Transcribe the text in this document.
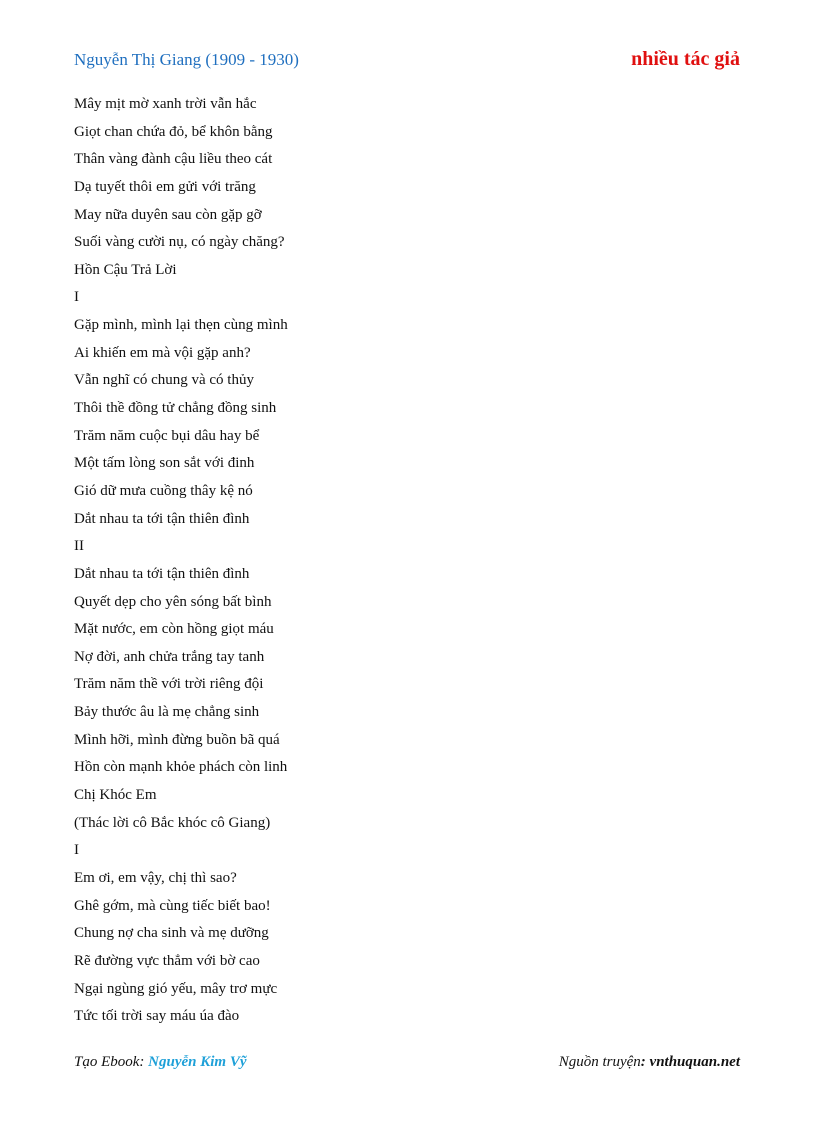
Nguyễn Thị Giang (1909 - 1930)	nhiều tác giả
Mây mịt mờ xanh trời vẫn hắc
Giọt chan chứa đỏ, bể khôn bằng
Thân vàng đành cậu liều theo cát
Dạ tuyết thôi em gửi với trăng
May nữa duyên sau còn gặp gỡ
Suối vàng cười nụ, có ngày chăng?
Hồn Cậu Trả Lời
I
Gặp mình, mình lại thẹn cùng mình
Ai khiến em mà vội gặp anh?
Vẫn nghĩ có chung và có thủy
Thôi thề đồng tử chẳng đồng sinh
Trăm năm cuộc bụi dâu hay bể
Một tấm lòng son sắt với đinh
Gió dữ mưa cuồng thây kệ nó
Dắt nhau ta tới tận thiên đình
II
Dắt nhau ta tới tận thiên đình
Quyết dẹp cho yên sóng bất bình
Mặt nước, em còn hồng giọt máu
Nợ đời, anh chửa trắng tay tanh
Trăm năm thề với trời riêng đội
Bảy thước âu là mẹ chẳng sinh
Mình hỡi, mình đừng buồn bã quá
Hồn còn mạnh khỏe phách còn linh
Chị Khóc Em
(Thác lời cô Bắc khóc cô Giang)
I
Em ơi, em vậy, chị thì sao?
Ghê gớm, mà cùng tiếc biết bao!
Chung nợ cha sinh và mẹ dưỡng
Rẽ đường vực thẳm với bờ cao
Ngại ngùng gió yếu, mây trơ mực
Tức tối trời say máu úa đào
Tạo Ebook: Nguyễn Kim Vỹ	Nguồn truyện: vnthuquan.net
